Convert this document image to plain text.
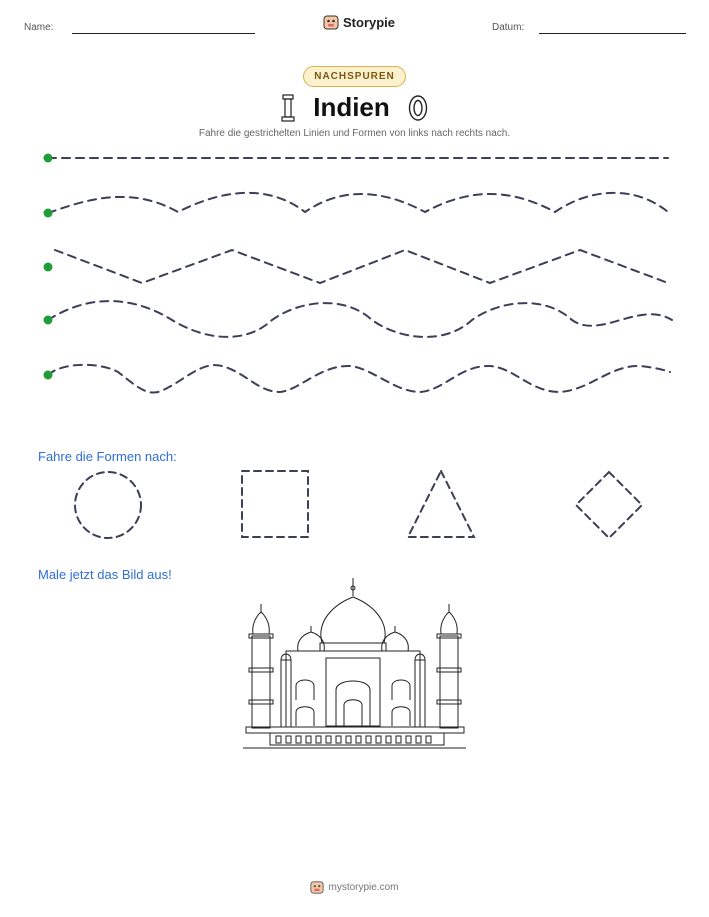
Name:	Storypie	Datum:
NACHSPUREN
Indien
Fahre die gestrichelten Linien und Formen von links nach rechts nach.
Fahre die Formen nach:
Male jetzt das Bild aus!
mystorypie.com
